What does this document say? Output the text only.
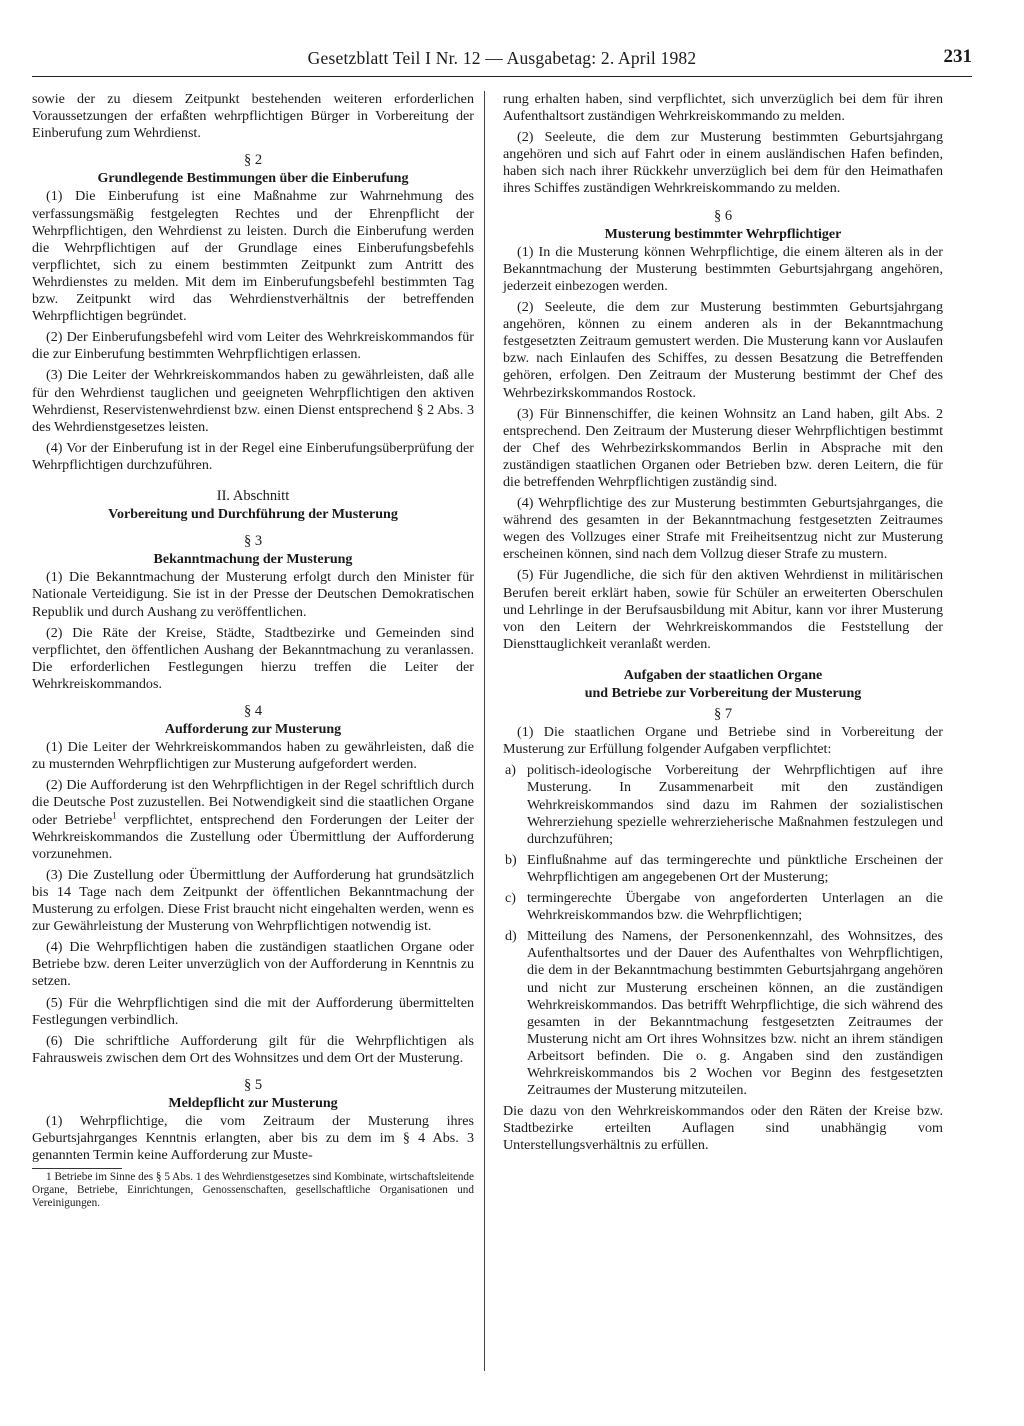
Gesetzblatt Teil I Nr. 12 — Ausgabetag: 2. April 1982	231

sowie der zu diesem Zeitpunkt bestehenden weiteren erforderlichen Voraussetzungen der erfaßten wehrpflichtigen Bürger in Vorbereitung der Einberufung zum Wehrdienst.

§ 2
Grundlegende Bestimmungen über die Einberufung

(1) Die Einberufung ist eine Maßnahme zur Wahrnehmung des verfassungsmäßig festgelegten Rechtes und der Ehrenpflicht der Wehrpflichtigen, den Wehrdienst zu leisten. Durch die Einberufung werden die Wehrpflichtigen auf der Grundlage eines Einberufungsbefehls verpflichtet, sich zu einem bestimmten Zeitpunkt zum Antritt des Wehrdienstes zu melden. Mit dem im Einberufungsbefehl bestimmten Tag bzw. Zeitpunkt wird das Wehrdienstverhältnis der betreffenden Wehrpflichtigen begründet.

(2) Der Einberufungsbefehl wird vom Leiter des Wehrkreiskommandos für die zur Einberufung bestimmten Wehrpflichtigen erlassen.

(3) Die Leiter der Wehrkreiskommandos haben zu gewährleisten, daß alle für den Wehrdienst tauglichen und geeigneten Wehrpflichtigen den aktiven Wehrdienst, Reservistenwehrdienst bzw. einen Dienst entsprechend § 2 Abs. 3 des Wehrdienstgesetzes leisten.

(4) Vor der Einberufung ist in der Regel eine Einberufungsüberprüfung der Wehrpflichtigen durchzuführen.

II. Abschnitt
Vorbereitung und Durchführung der Musterung
§ 3
Bekanntmachung der Musterung

(1) Die Bekanntmachung der Musterung erfolgt durch den Minister für Nationale Verteidigung. Sie ist in der Presse der Deutschen Demokratischen Republik und durch Aushang zu veröffentlichen.

(2) Die Räte der Kreise, Städte, Stadtbezirke und Gemeinden sind verpflichtet, den öffentlichen Aushang der Bekanntmachung zu veranlassen. Die erforderlichen Festlegungen hierzu treffen die Leiter der Wehrkreiskommandos.

§ 4
Aufforderung zur Musterung

(1) Die Leiter der Wehrkreiskommandos haben zu gewährleisten, daß die zu musternden Wehrpflichtigen zur Musterung aufgefordert werden.

(2) Die Aufforderung ist den Wehrpflichtigen in der Regel schriftlich durch die Deutsche Post zuzustellen. Bei Notwendigkeit sind die staatlichen Organe oder Betriebe$^1$ verpflichtet, entsprechend den Forderungen der Leiter der Wehrkreiskommandos die Zustellung oder Übermittlung der Aufforderung vorzunehmen.

(3) Die Zustellung oder Übermittlung der Aufforderung hat grundsätzlich bis 14 Tage nach dem Zeitpunkt der öffentlichen Bekanntmachung der Musterung zu erfolgen. Diese Frist braucht nicht eingehalten werden, wenn es zur Gewährleistung der Musterung von Wehrpflichtigen notwendig ist.

(4) Die Wehrpflichtigen haben die zuständigen staatlichen Organe oder Betriebe bzw. deren Leiter unverzüglich von der Aufforderung in Kenntnis zu setzen.

(5) Für die Wehrpflichtigen sind die mit der Aufforderung übermittelten Festlegungen verbindlich.

(6) Die schriftliche Aufforderung gilt für die Wehrpflichtigen als Fahrausweis zwischen dem Ort des Wohnsitzes und dem Ort der Musterung.

§ 5
Meldepflicht zur Musterung

(1) Wehrpflichtige, die vom Zeitraum der Musterung ihres Geburtsjahrganges Kenntnis erlangten, aber bis zu dem im § 4 Abs. 3 genannten Termin keine Aufforderung zur Muste-

1 Betriebe im Sinne des § 5 Abs. 1 des Wehrdienstgesetzes sind Kombinate, wirtschaftsleitende Organe, Betriebe, Einrichtungen, Genossenschaften, gesellschaftliche Organisationen und Vereinigungen.

rung erhalten haben, sind verpflichtet, sich unverzüglich bei dem für ihren Aufenthaltsort zuständigen Wehrkreiskommando zu melden.

(2) Seeleute, die dem zur Musterung bestimmten Geburtsjahrgang angehören und sich auf Fahrt oder in einem ausländischen Hafen befinden, haben sich nach ihrer Rückkehr unverzüglich bei dem für den Heimathafen ihres Schiffes zuständigen Wehrkreiskommando zu melden.

§ 6
Musterung bestimmter Wehrpflichtiger

(1) In die Musterung können Wehrpflichtige, die einem älteren als in der Bekanntmachung der Musterung bestimmten Geburtsjahrgang angehören, jederzeit einbezogen werden.

(2) Seeleute, die dem zur Musterung bestimmten Geburtsjahrgang angehören, können zu einem anderen als in der Bekanntmachung festgesetzten Zeitraum gemustert werden. Die Musterung kann vor Auslaufen bzw. nach Einlaufen des Schiffes, zu dessen Besatzung die Betreffenden gehören, erfolgen. Den Zeitraum der Musterung bestimmt der Chef des Wehrbezirkskommandos Rostock.

(3) Für Binnenschiffer, die keinen Wohnsitz an Land haben, gilt Abs. 2 entsprechend. Den Zeitraum der Musterung dieser Wehrpflichtigen bestimmt der Chef des Wehrbezirkskommandos Berlin in Absprache mit den zuständigen staatlichen Organen oder Betrieben bzw. deren Leitern, die für die betreffenden Wehrpflichtigen zuständig sind.

(4) Wehrpflichtige des zur Musterung bestimmten Geburtsjahrganges, die während des gesamten in der Bekanntmachung festgesetzten Zeitraumes wegen des Vollzuges einer Strafe mit Freiheitsentzug nicht zur Musterung erscheinen können, sind nach dem Vollzug dieser Strafe zu mustern.

(5) Für Jugendliche, die sich für den aktiven Wehrdienst in militärischen Berufen bereit erklärt haben, sowie für Schüler an erweiterten Oberschulen und Lehrlinge in der Berufsausbildung mit Abitur, kann vor ihrer Musterung von den Leitern der Wehrkreiskommandos die Feststellung der Diensttauglichkeit veranlaßt werden.

Aufgaben der staatlichen Organe
und Betriebe zur Vorbereitung der Musterung
§ 7

(1) Die staatlichen Organe und Betriebe sind in Vorbereitung der Musterung zur Erfüllung folgender Aufgaben verpflichtet:

a) politisch-ideologische Vorbereitung der Wehrpflichtigen auf ihre Musterung. In Zusammenarbeit mit den zuständigen Wehrkreiskommandos sind dazu im Rahmen der sozialistischen Wehrerziehung spezielle wehrerzieherische Maßnahmen festzulegen und durchzuführen;
b) Einflußnahme auf das termingerechte und pünktliche Erscheinen der Wehrpflichtigen am angegebenen Ort der Musterung;
c) termingerechte Übergabe von angeforderten Unterlagen an die Wehrkreiskommandos bzw. die Wehrpflichtigen;
d) Mitteilung des Namens, der Personenkennzahl, des Wohnsitzes, des Aufenthaltsortes und der Dauer des Aufenthaltes von Wehrpflichtigen, die dem in der Bekanntmachung bestimmten Geburtsjahrgang angehören und nicht zur Musterung erscheinen können, an die zuständigen Wehrkreiskommandos. Das betrifft Wehrpflichtige, die sich während des gesamten in der Bekanntmachung festgesetzten Zeitraumes der Musterung nicht am Ort ihres Wohnsitzes bzw. nicht an ihrem ständigen Arbeitsort befinden. Die o. g. Angaben sind den zuständigen Wehrkreiskommandos bis 2 Wochen vor Beginn des festgesetzten Zeitraumes der Musterung mitzuteilen.

Die dazu von den Wehrkreiskommandos oder den Räten der Kreise bzw. Stadtbezirke erteilten Auflagen sind unabhängig vom Unterstellungsverhältnis zu erfüllen.
